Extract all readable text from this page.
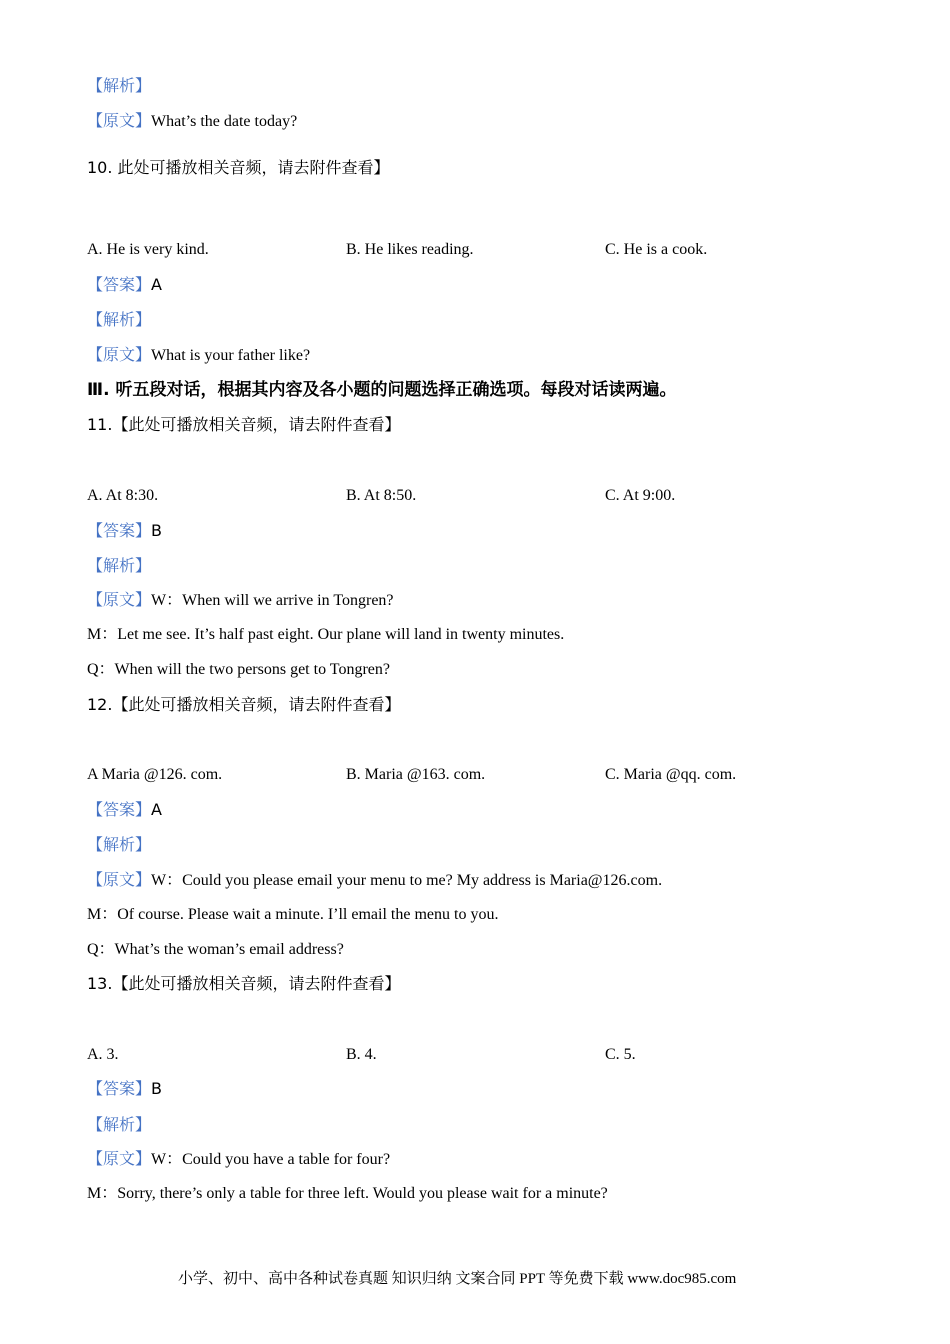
【解析】
【原文】What’s the date today?
10. 此处可播放相关音频，请去附件查看】
A. He is very kind.	B. He likes reading.	C. He is a cook.
【答案】A
【解析】
【原文】What is your father like?
Ⅲ. 听五段对话，根据其内容及各小题的问题选择正确选项。每段对话读两遍。
11.【此处可播放相关音频，请去附件查看】
A. At 8:30.	B. At 8:50.	C. At 9:00.
【答案】B
【解析】
【原文】W：When will we arrive in Tongren?
M：Let me see. It’s half past eight. Our plane will land in twenty minutes.
Q：When will the two persons get to Tongren?
12.【此处可播放相关音频，请去附件查看】
A Maria @126. com.	B. Maria @163. com.	C. Maria @qq. com.
【答案】A
【解析】
【原文】W：Could you please email your menu to me? My address is Maria@126.com.
M：Of course. Please wait a minute. I’ll email the menu to you.
Q：What’s the woman’s email address?
13.【此处可播放相关音频，请去附件查看】
A. 3.	B. 4.	C. 5.
【答案】B
【解析】
【原文】W：Could you have a table for four?
M：Sorry, there’s only a table for three left. Would you please wait for a minute?
小学、初中、高中各种试卷真题 知识归纳 文案合同 PPT 等免费下载 www.doc985.com
